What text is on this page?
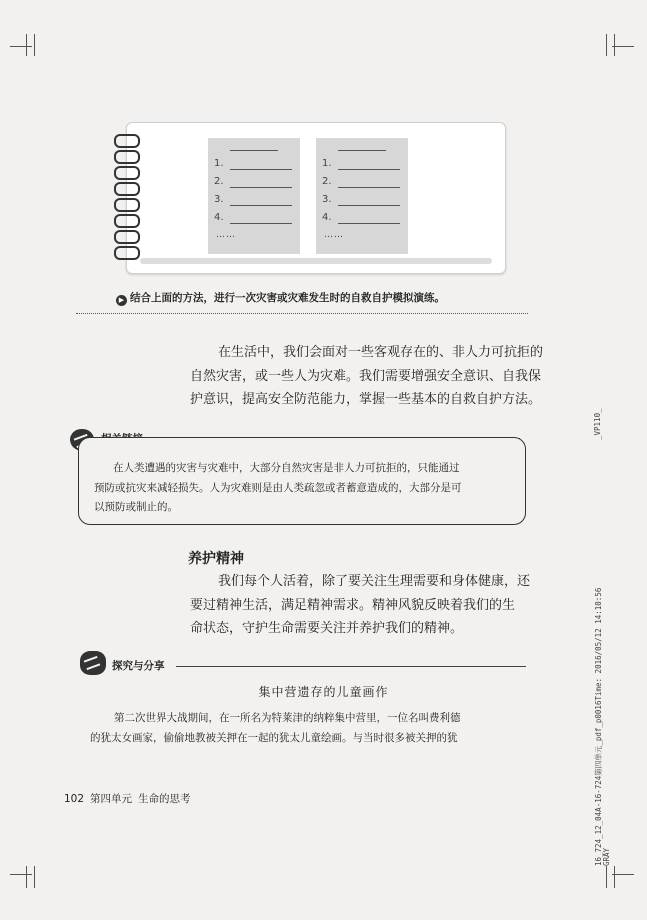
1.
2.
3.
4.
……
1.
2.
3.
4.
……
▶ 结合上面的方法，进行一次灾害或灾难发生时的自救自护模拟演练。
在生活中，我们会面对一些客观存在的、非人力可抗拒的
自然灾害，或一些人为灾难。我们需要增强安全意识、自我保
护意识，提高安全防范能力，掌握一些基本的自救自护方法。
在人类遭遇的灾害与灾难中，大部分自然灾害是非人力可抗拒的，只能通过
预防或抗灾来减轻损失。人为灾难则是由人类疏忽或者蓄意造成的，大部分是可
以预防或制止的。
养护精神
我们每个人活着，除了要关注生理需要和身体健康，还
要过精神生活，满足精神需求。精神风貌反映着我们的生
命状态，守护生命需要关注并养护我们的精神。
探究与分享
集中营遗存的儿童画作
第二次世界大战期间，在一所名为特莱津的纳粹集中营里，一位名叫费利德
的犹太女画家，偷偷地教被关押在一起的犹太儿童绘画。与当时很多被关押的犹
102 第四单元 生命的思考
_VP110_
16_724_12_04A-16-724第四单元_pdf_p0016Time: 2016/05/12 14:10:56 GRAY
